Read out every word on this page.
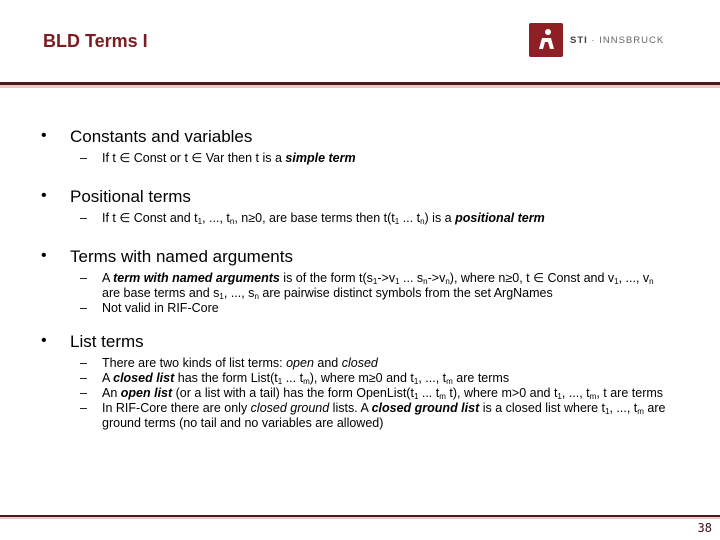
BLD Terms I	STI · INNSBRUCK
• Constants and variables
– If t ∈ Const or t ∈ Var then t is a simple term
• Positional terms
– If t ∈ Const and $t_1$, ..., $t_n$, n≥0, are base terms then $t(t_1$ ... $t_n$) is a positional term
• Terms with named arguments
– A term with named arguments is of the form $t(s_1->v_1$ ... $s_n->v_n$), where n≥0, t ∈ Const and $v_1$, ..., $v_n$ are base terms and $s_1$, ..., $s_n$ are pairwise distinct symbols from the set ArgNames
– Not valid in RIF-Core
• List terms
– There are two kinds of list terms: open and closed
– A closed list has the form $List(t_1$ ... $t_m$), where m≥0 and $t_1$, ..., $t_m$ are terms
– An open list (or a list with a tail) has the form $OpenList(t_1$ ... $t_m$ t), where m>0 and $t_1$, ..., $t_m$, t are terms
– In RIF-Core there are only closed ground lists. A closed ground list is a closed list where $t_1$, ..., $t_m$ are ground terms (no tail and no variables are allowed)
38
